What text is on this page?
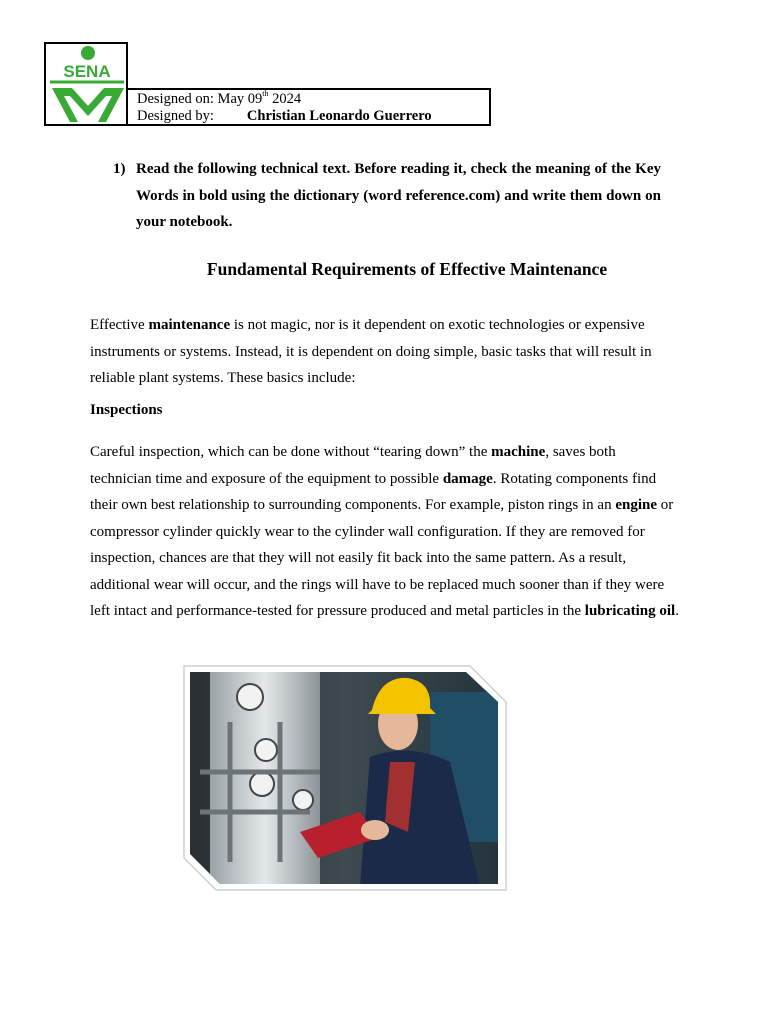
SENA
Designed on: May 09th 2024
Designed by: Christian Leonardo Guerrero
1) Read the following technical text. Before reading it, check the meaning of the Key Words in bold using the dictionary (word reference.com) and write them down on your notebook.
Fundamental Requirements of Effective Maintenance
Effective maintenance is not magic, nor is it dependent on exotic technologies or expensive instruments or systems. Instead, it is dependent on doing simple, basic tasks that will result in reliable plant systems. These basics include:
Inspections
Careful inspection, which can be done without “tearing down” the machine, saves both technician time and exposure of the equipment to possible damage. Rotating components find their own best relationship to surrounding components. For example, piston rings in an engine or compressor cylinder quickly wear to the cylinder wall configuration. If they are removed for inspection, chances are that they will not easily fit back into the same pattern. As a result, additional wear will occur, and the rings will have to be replaced much sooner than if they were left intact and performance-tested for pressure produced and metal particles in the lubricating oil.
